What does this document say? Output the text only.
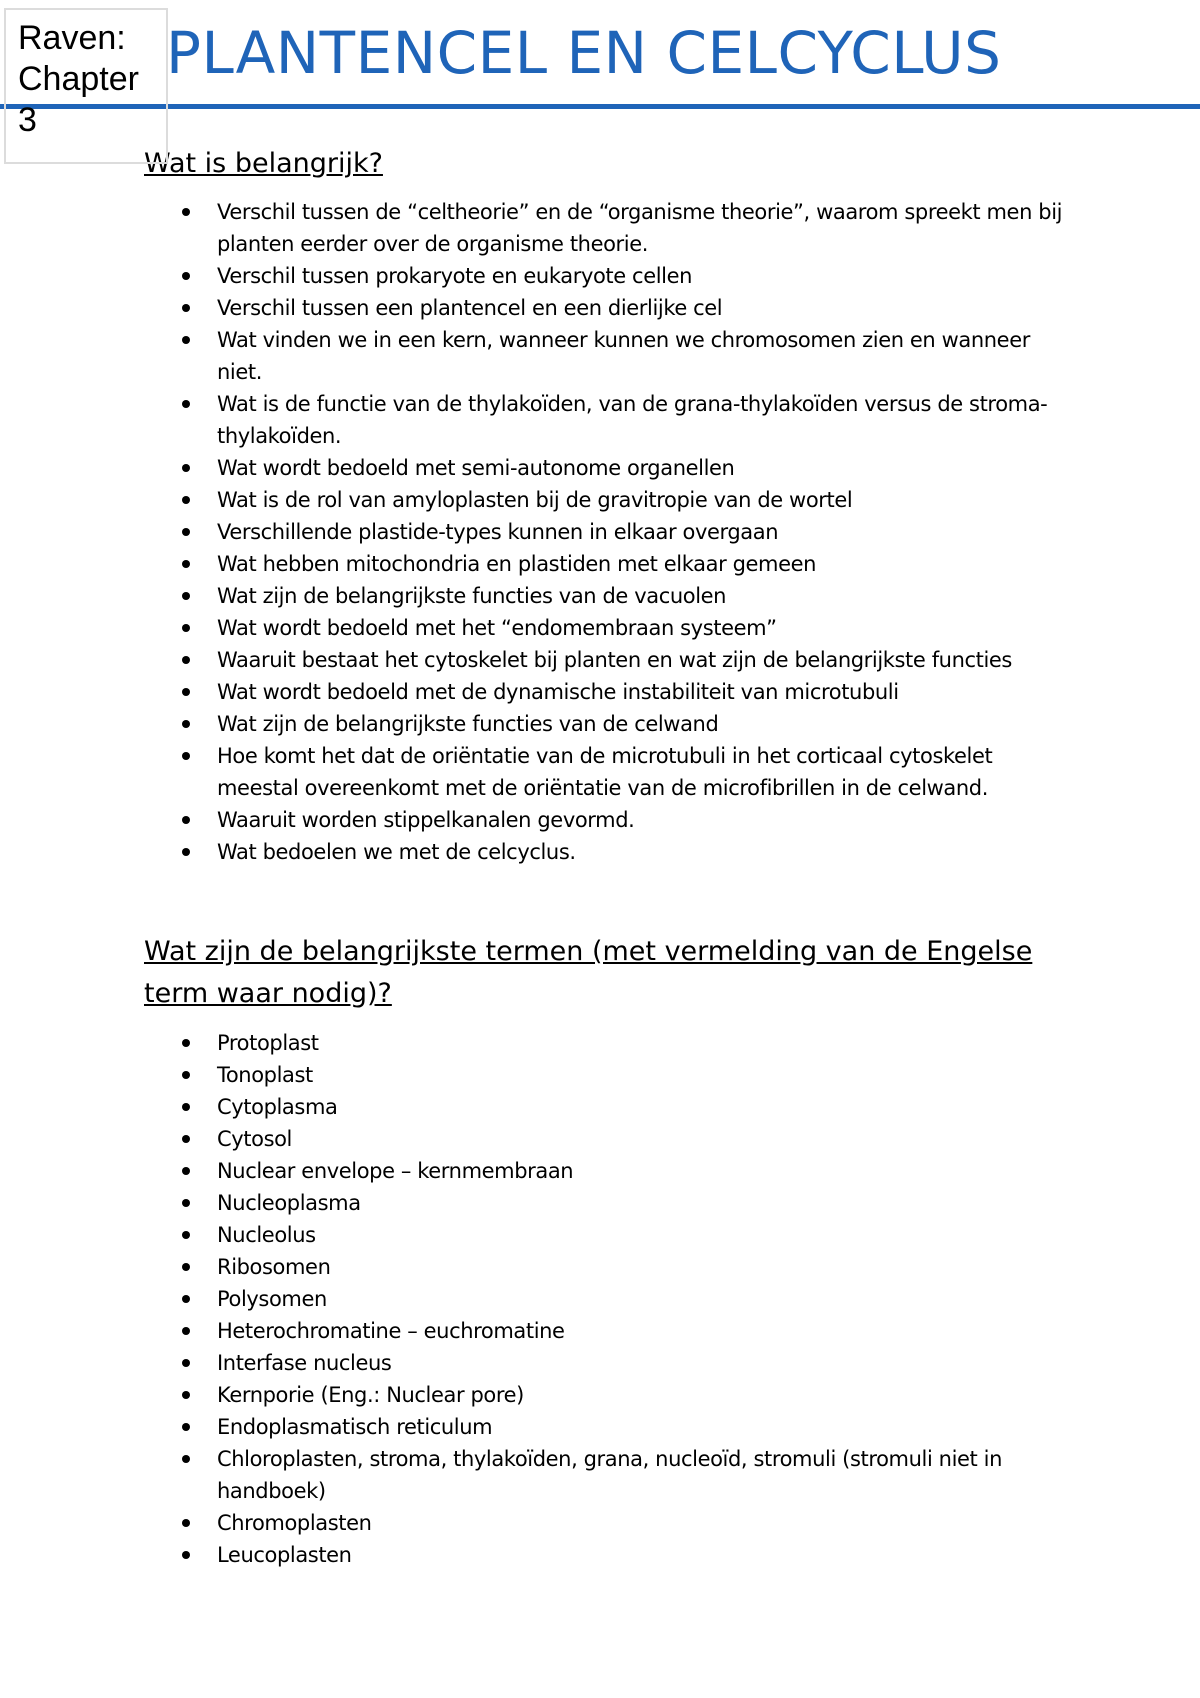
Raven: Chapter 3
PLANTENCEL EN CELCYCLUS
Wat is belangrijk?
Verschil tussen de “celtheorie” en de “organisme theorie”, waarom spreekt men bij planten eerder over de organisme theorie.
Verschil tussen prokaryote en eukaryote cellen
Verschil tussen een plantencel en een dierlijke cel
Wat vinden we in een kern, wanneer kunnen we chromosomen zien en wanneer niet.
Wat is de functie van de thylakoïden, van de grana-thylakoïden versus de stroma-thylakoïden.
Wat wordt bedoeld met semi-autonome organellen
Wat is de rol van amyloplasten bij de gravitropie van de wortel
Verschillende plastide-types kunnen in elkaar overgaan
Wat hebben mitochondria en plastiden met elkaar gemeen
Wat zijn de belangrijkste functies van de vacuolen
Wat wordt bedoeld met het “endomembraan systeem”
Waaruit bestaat het cytoskelet bij planten en wat zijn de belangrijkste functies
Wat wordt bedoeld met de dynamische instabiliteit van microtubuli
Wat zijn de belangrijkste functies van de celwand
Hoe komt het dat de oriëntatie van de microtubuli in het corticaal cytoskelet meestal overeenkomt met de oriëntatie van de microfibrillen in de celwand.
Waaruit worden stippelkanalen gevormd.
Wat bedoelen we met de celcyclus.
Wat zijn de belangrijkste termen (met vermelding van de Engelse term waar nodig)?
Protoplast
Tonoplast
Cytoplasma
Cytosol
Nuclear envelope – kernmembraan
Nucleoplasma
Nucleolus
Ribosomen
Polysomen
Heterochromatine – euchromatine
Interfase nucleus
Kernporie (Eng.: Nuclear pore)
Endoplasmatisch reticulum
Chloroplasten, stroma, thylakoïden, grana, nucleoïd, stromuli (stromuli niet in handboek)
Chromoplasten
Leucoplasten
